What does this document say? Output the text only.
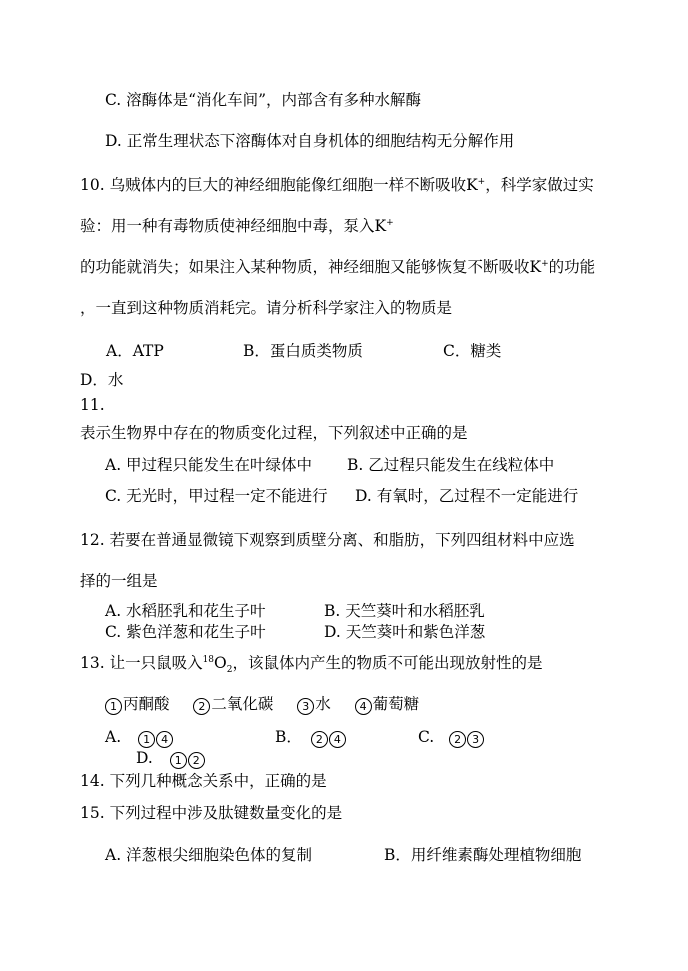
C. 溶酶体是“消化车间”，内部含有多种水解酶
D. 正常生理状态下溶酶体对自身机体的细胞结构无分解作用
10. 乌贼体内的巨大的神经细胞能像红细胞一样不断吸收K+，科学家做过实
验：用一种有毒物质使神经细胞中毒，泵入K+
的功能就消失；如果注入某种物质，神经细胞又能够恢复不断吸收K+的功能
，一直到这种物质消耗完。请分析科学家注入的物质是
A．ATP	B．蛋白质类物质	C．糖类
D．水
11.
表示生物界中存在的物质变化过程，下列叙述中正确的是
A. 甲过程只能发生在叶绿体中 B. 乙过程只能发生在线粒体中
C. 无光时，甲过程一定不能进行 D. 有氧时，乙过程不一定能进行
12. 若要在普通显微镜下观察到质壁分离、和脂肪，下列四组材料中应选
择的一组是
A. 水稻胚乳和花生子叶	B. 天竺葵叶和水稻胚乳
C. 紫色洋葱和花生子叶	D. 天竺葵叶和紫色洋葱
13. 让一只鼠吸入$^{18}O_2$，该鼠体内产生的物质不可能出现放射性的是
1 丙酮酸	2 二氧化碳	3 水	4 葡萄糖
A. 1 4	B． 2 4	C. 2 3
D. 1 2
14. 下列几种概念关系中，正确的是
15. 下列过程中涉及肽键数量变化的是
A. 洋葱根尖细胞染色体的复制	B．用纤维素酶处理植物细胞
